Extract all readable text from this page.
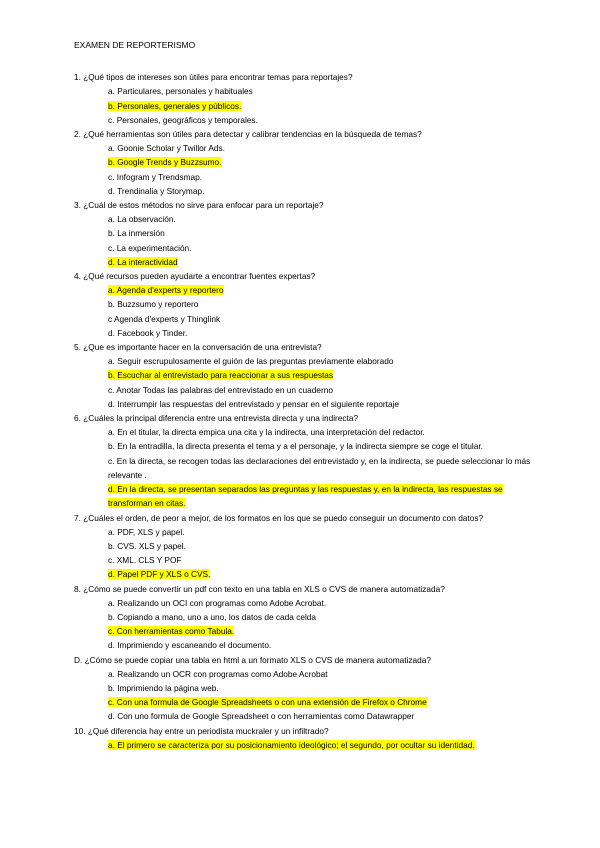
EXAMEN DE REPORTERISMO
1. ¿Qué tipos de intereses son útiles para encontrar temas para reportajes?
a. Particulares, personales y habituales
b. Personales, generales y públicos.
c. Personales, geográficos y temporales.
2. ¿Qué herramientas son útiles para detectar y calibrar tendencias en la búsqueda de temas?
a. Goonie Scholar y Twillor Ads.
b. Google Trends y Buzzsumo.
c. Infogram y Trendsmap.
d. Trendinalia y Storymap.
3. ¿Cuál de estos métodos no sirve para enfocar para un reportaje?
a. La observación.
b. La inmersión
c. La experimentación.
d. La interactividad
4. ¿Qué recursos pueden ayudarte a encontrar fuentes expertas?
a. Agenda d'experts y reportero
b. Buzzsumo y reportero
c Agenda d'experts y Thinglink
d. Facebook y Tinder.
5. ¿Que es importante hacer en la conversación de una entrevista?
a. Seguir escrupulosamente el guión de las preguntas previamente elaborado
b. Escuchar al entrevistado para reaccionar a sus respuestas
c. Anotar Todas las palabras del entrevistado en un cuaderno
d. Interrumpir las respuestas del entrevistado y pensar en el siguiente reportaje
6. ¿Cuáles la principal diferencia entre una entrevista directa y una indirecta?
a. En el titular, la directa empica una cita y la indirecta, una interpretación del redactor.
b. En la entradilla, la directa presenta el tema y a el personaje, y la indirecta siempre se coge el titular.
c. En la directa, se recogen todas las declaraciones del entrevistado y, en la indirecta, se puede seleccionar lo más relevante .
d. En la directa, se presentan separados las preguntas y las respuestas y, en la indirecta, las respuestas se transforman en citas.
7. ¿Cuáles el orden, de peor a mejor, de los formatos en los que se puedo conseguir un documento con datos?
a. PDF, XLS y papel.
b. CVS. XLS y papel.
c. XML. CLS Y POF
d. Papel PDF y XLS o CVS.
8. ¿Cómo se puede convertir un pdf con texto en una tabla en XLS o CVS de manera automatizada?
a. Realizando un OCI con programas como Adobe Acrobat.
b. Copiando a mano, uno a uno, los datos de cada celda
c. Con herramientas como Tabula.
d. Imprimiendo y escaneando el documento.
D. ¿Cómo se puede copiar una tabla en html a un formato XLS o CVS de manera automatizada?
a. Realizando un OCR con programas como Adobe Acrobat
b. Imprimiendo la página web.
c. Con una formula de Google Spreadsheets o con una extensión de Firefox o Chrome
d. Con uno formula de Google Spreadsheet o con herramientas como Datawrapper
10. ¿Qué diferencia hay entre un periodista muckraler y un infiltrado?
a. El primero se caracteriza por su posicionamiento ideológico; el segundo, por ocultar su identidad.
